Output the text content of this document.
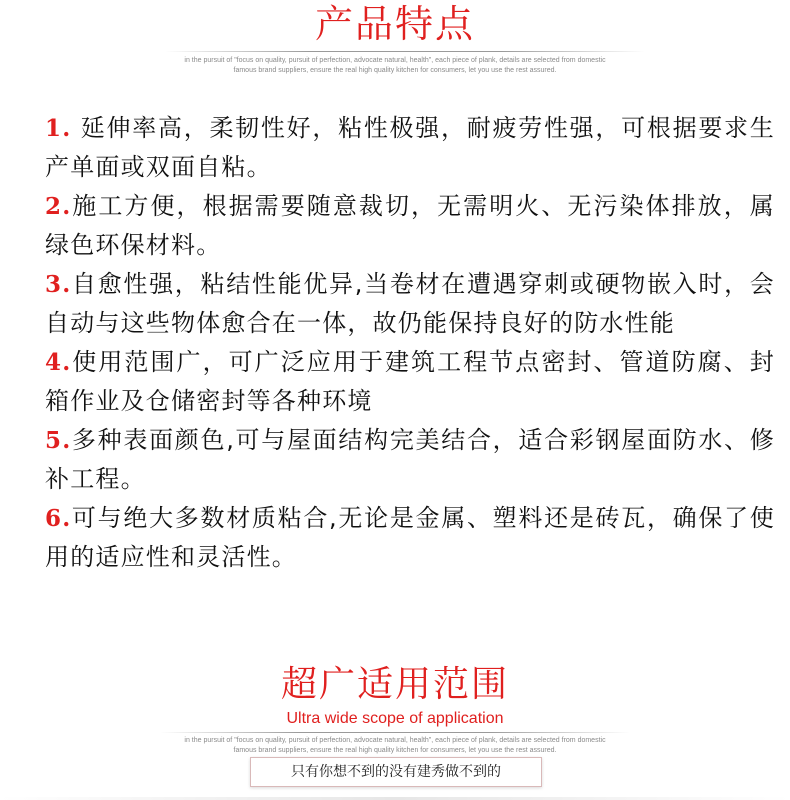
产品特点
in the pursuit of "focus on quality, pursuit of perfection, advocate natural, health", each piece of plank, details are selected from domestic
famous brand suppliers, ensure the real high quality kitchen for consumers, let you use the rest assured.
1. 延伸率高，柔韧性好，粘性极强，耐疲劳性强，可根据要求生产单面或双面自粘。
2.施工方便，根据需要随意裁切，无需明火、无污染体排放，属绿色环保材料。
3.自愈性强，粘结性能优异,当卷材在遭遇穿刺或硬物嵌入时，会自动与这些物体愈合在一体，故仍能保持良好的防水性能
4.使用范围广，可广泛应用于建筑工程节点密封、管道防腐、封箱作业及仓储密封等各种环境
5.多种表面颜色,可与屋面结构完美结合，适合彩钢屋面防水、修补工程。
6.可与绝大多数材质粘合,无论是金属、塑料还是砖瓦，确保了使用的适应性和灵活性。
超广适用范围
Ultra wide scope of application
in the pursuit of "focus on quality, pursuit of perfection, advocate natural, health", each piece of plank, details are selected from domestic
famous brand suppliers, ensure the real high quality kitchen for consumers, let you use the rest assured.
只有你想不到的没有建秀做不到的
